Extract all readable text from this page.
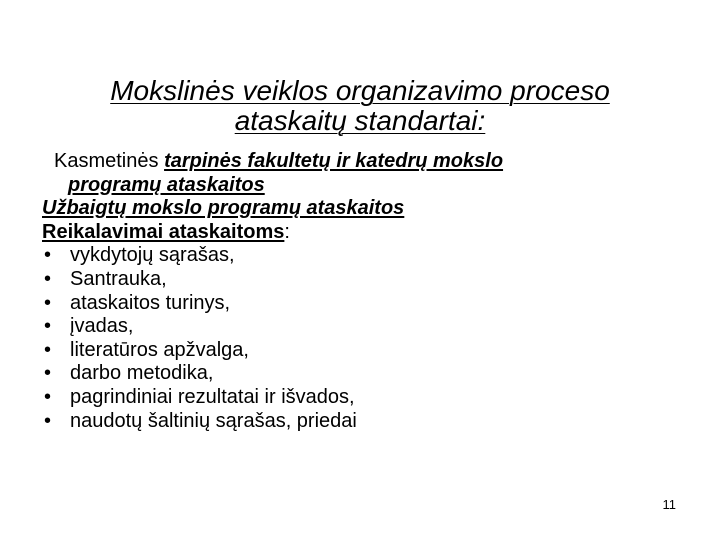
Mokslinės veiklos organizavimo proceso
ataskaitų standartai:
Kasmetinės tarpinės fakultetų ir katedrų mokslo
programų ataskaitos
Užbaigtų mokslo programų ataskaitos
Reikalavimai ataskaitoms:
• vykdytojų sąrašas,
• Santrauka,
• ataskaitos turinys,
• įvadas,
• literatūros apžvalga,
• darbo metodika,
• pagrindiniai rezultatai ir išvados,
• naudotų šaltinių sąrašas, priedai
11
